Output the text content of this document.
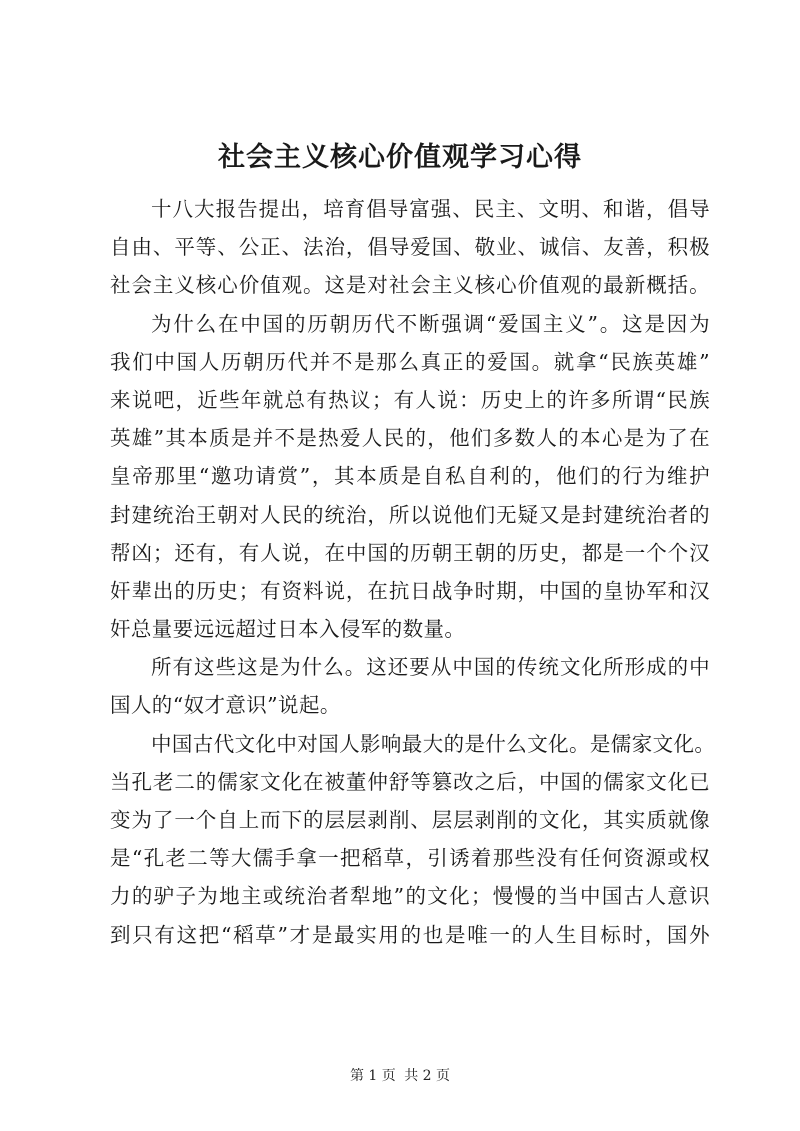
社会主义核心价值观学习心得
十八大报告提出，培育倡导富强、民主、文明、和谐，倡导
自由、平等、公正、法治，倡导爱国、敬业、诚信、友善，积极
社会主义核心价值观。这是对社会主义核心价值观的最新概括。
为什么在中国的历朝历代不断强调“爱国主义”。这是因为
我们中国人历朝历代并不是那么真正的爱国。就拿“民族英雄”
来说吧，近些年就总有热议；有人说：历史上的许多所谓“民族
英雄”其本质是并不是热爱人民的，他们多数人的本心是为了在
皇帝那里“邀功请赏”，其本质是自私自利的，他们的行为维护
封建统治王朝对人民的统治，所以说他们无疑又是封建统治者的
帮凶；还有，有人说，在中国的历朝王朝的历史，都是一个个汉
奸辈出的历史；有资料说，在抗日战争时期，中国的皇协军和汉
奸总量要远远超过日本入侵军的数量。
所有这些这是为什么。这还要从中国的传统文化所形成的中
国人的“奴才意识”说起。
中国古代文化中对国人影响最大的是什么文化。是儒家文化。
当孔老二的儒家文化在被董仲舒等篡改之后，中国的儒家文化已
变为了一个自上而下的层层剥削、层层剥削的文化，其实质就像
是“孔老二等大儒手拿一把稻草，引诱着那些没有任何资源或权
力的驴子为地主或统治者犁地”的文化；慢慢的当中国古人意识
到只有这把“稻草”才是最实用的也是唯一的人生目标时，国外
第 1 页 共 2 页
